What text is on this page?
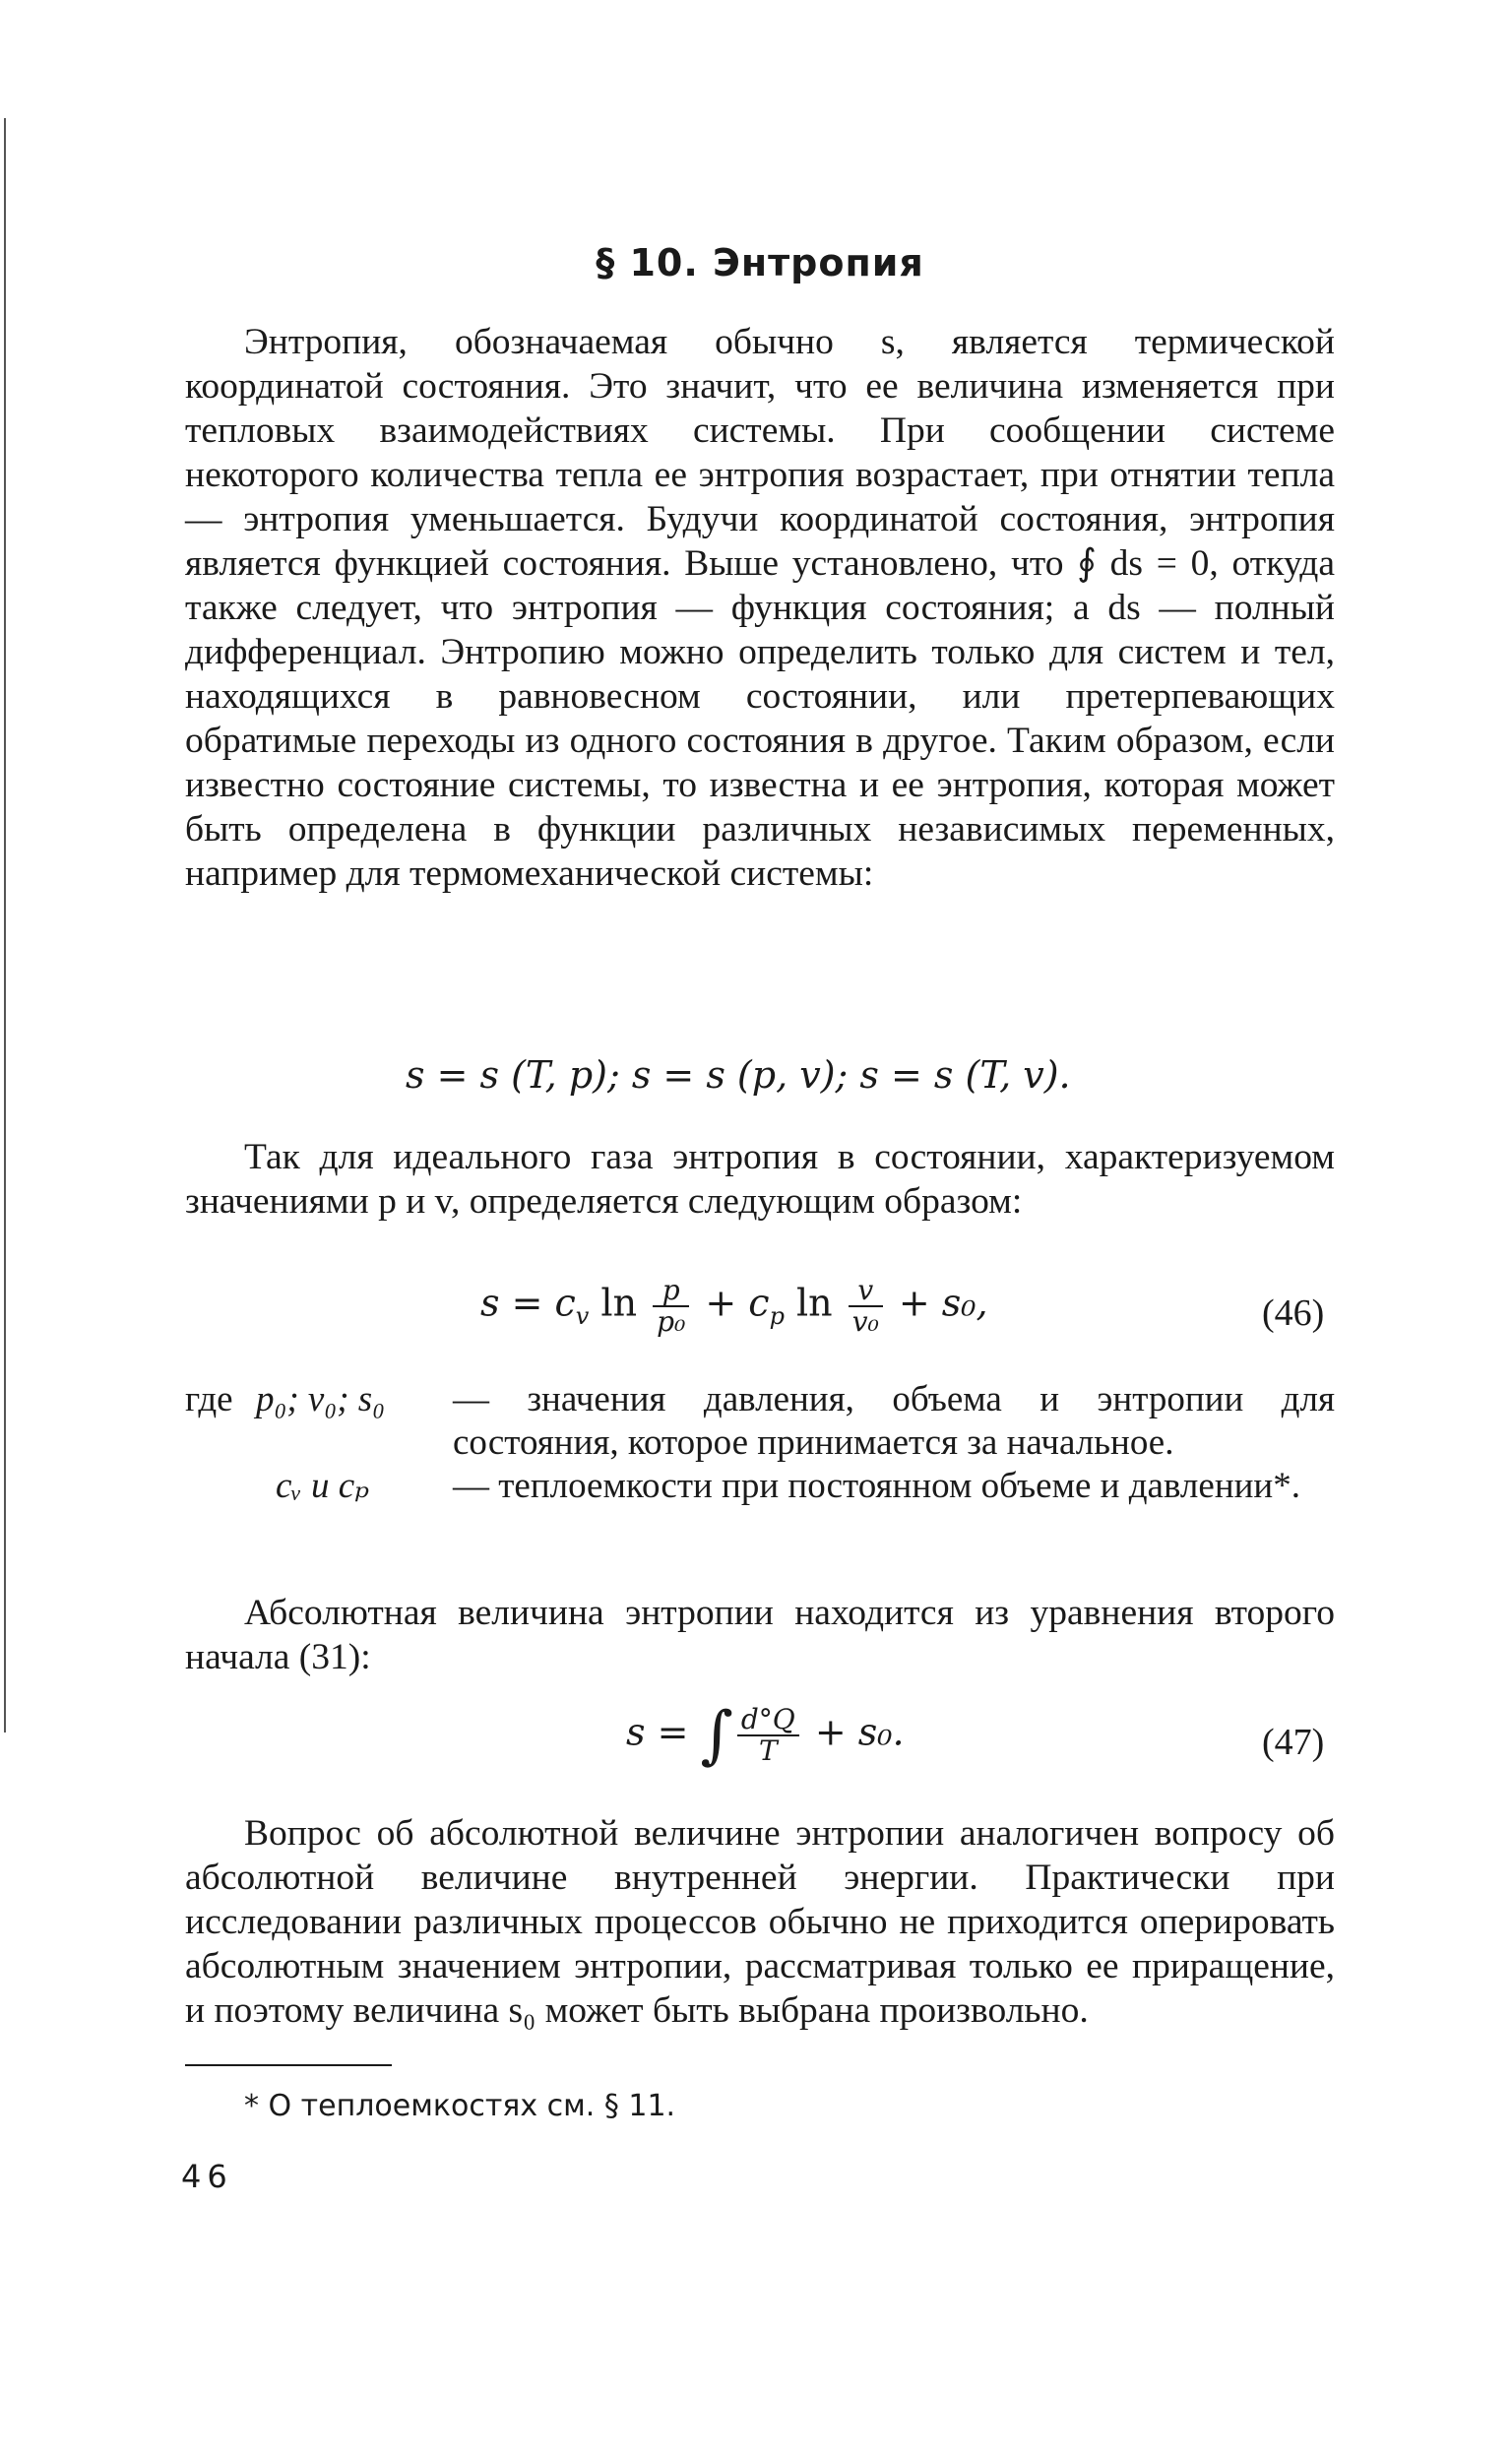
§ 10. Энтропия

Энтропия, обозначаемая обычно s, является термической координатой состояния. Это значит, что ее величина изменяется при тепловых взаимодействиях системы. При сообщении системе некоторого количества тепла ее энтропия возрастает, при отнятии тепла — энтропия уменьшается. Будучи координатой состояния, энтропия является функцией состояния. Выше установлено, что ∮ ds = 0, откуда также следует, что энтропия — функция состояния; а ds — полный дифференциал. Энтропию можно определить только для систем и тел, находящихся в равновесном состоянии, или претерпевающих обратимые переходы из одного состояния в другое. Таким образом, если известно состояние системы, то известна и ее энтропия, которая может быть определена в функции различных независимых переменных, например для термомеханической системы:

s = s (T, p); s = s (p, v); s = s (T, v).

Так для идеального газа энтропия в состоянии, характеризуемом значениями p и v, определяется следующим образом:

$s = c_v$ $\ln \frac{p}{\text{p₀}} + c_p$ $\ln \frac{v}{\text{v₀}} + s_0$,	(46)
где p₀; v₀; s₀ — значения давления, объема и энтропии для состояния, которое принимается за начальное.
cᵥ и cₚ — теплоемкости при постоянном объеме и давлении*.

Абсолютная величина энтропии находится из уравнения второго начала (31):

s = ∫ $\frac{d^\circ Q}{T} + s_0$.	(47)

Вопрос об абсолютной величине энтропии аналогичен вопросу об абсолютной величине внутренней энергии. Практически при исследовании различных процессов обычно не приходится оперировать абсолютным значением энтропии, рассматривая только ее приращение, и поэтому величина s₀ может быть выбрана произвольно.

* О теплоемкостях см. § 11.
46
